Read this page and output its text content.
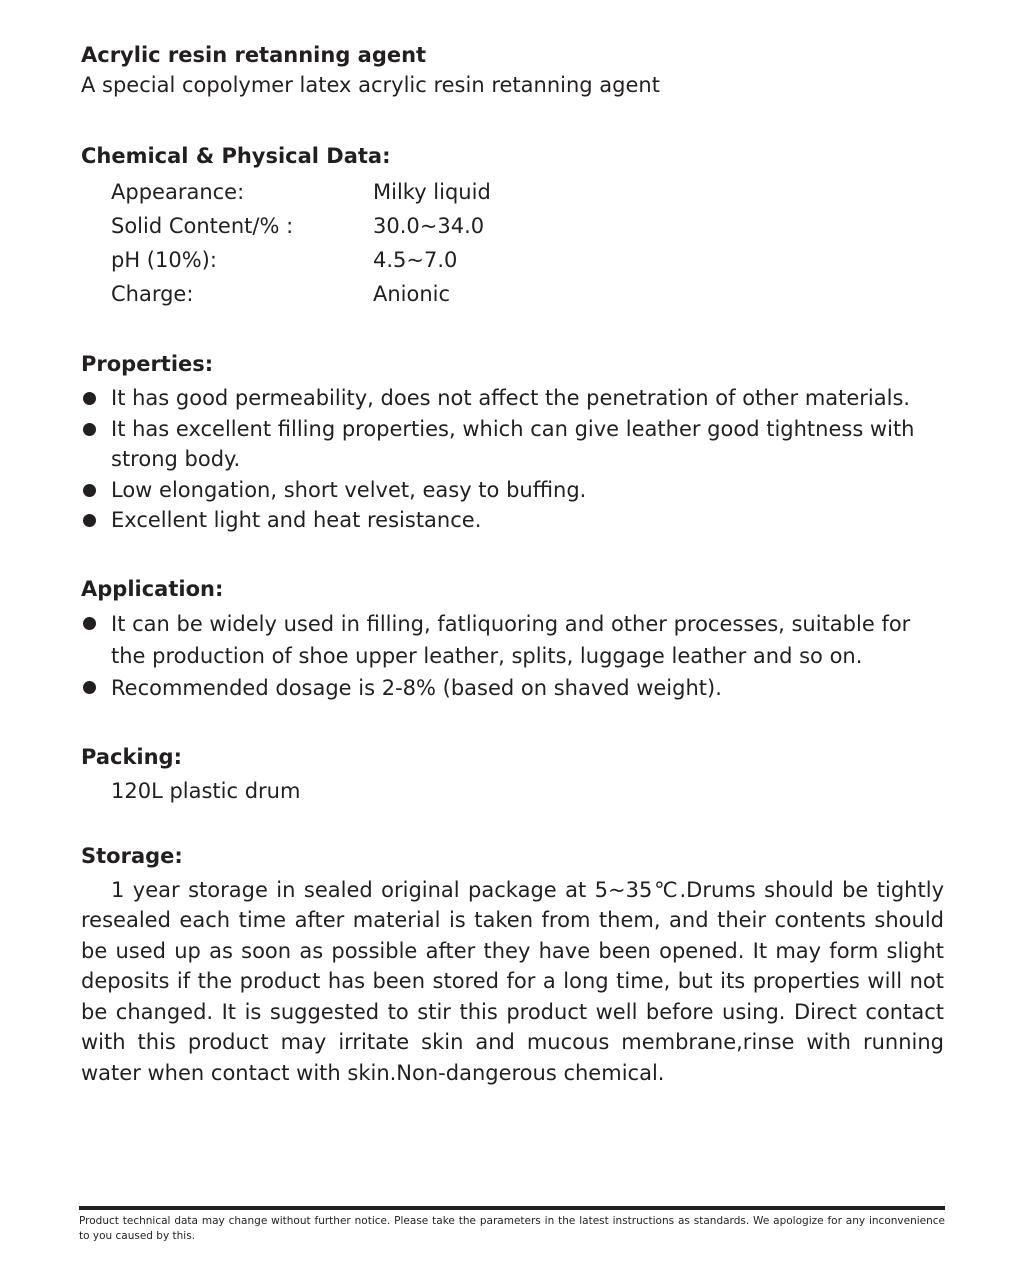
Acrylic resin retanning agent

A special copolymer latex acrylic resin retanning agent

Chemical & Physical Data:
Appearance:	Milky liquid
Solid Content/% :	30.0~34.0
pH (10%):	4.5~7.0
Charge:	Anionic
Properties:
It has good permeability, does not affect the penetration of other materials.
It has excellent filling properties, which can give leather good tightness with strong body.
Low elongation, short velvet, easy to buffing.
Excellent light and heat resistance.
Application:
It can be widely used in filling, fatliquoring and other processes, suitable for the production of shoe upper leather, splits, luggage leather and so on.
Recommended dosage is 2-8% (based on shaved weight).
Packing:

120L plastic drum

Storage:

1 year storage in sealed original package at 5~35℃.Drums should be tightly resealed each time after material is taken from them, and their contents should be used up as soon as possible after they have been opened. It may form slight deposits if the product has been stored for a long time, but its properties will not be changed. It is suggested to stir this product well before using. Direct contact with this product may irritate skin and mucous membrane,rinse with running water when contact with skin.Non-dangerous chemical.

Product technical data may change without further notice. Please take the parameters in the latest instructions as standards. We apologize for any inconvenience to you caused by this.
